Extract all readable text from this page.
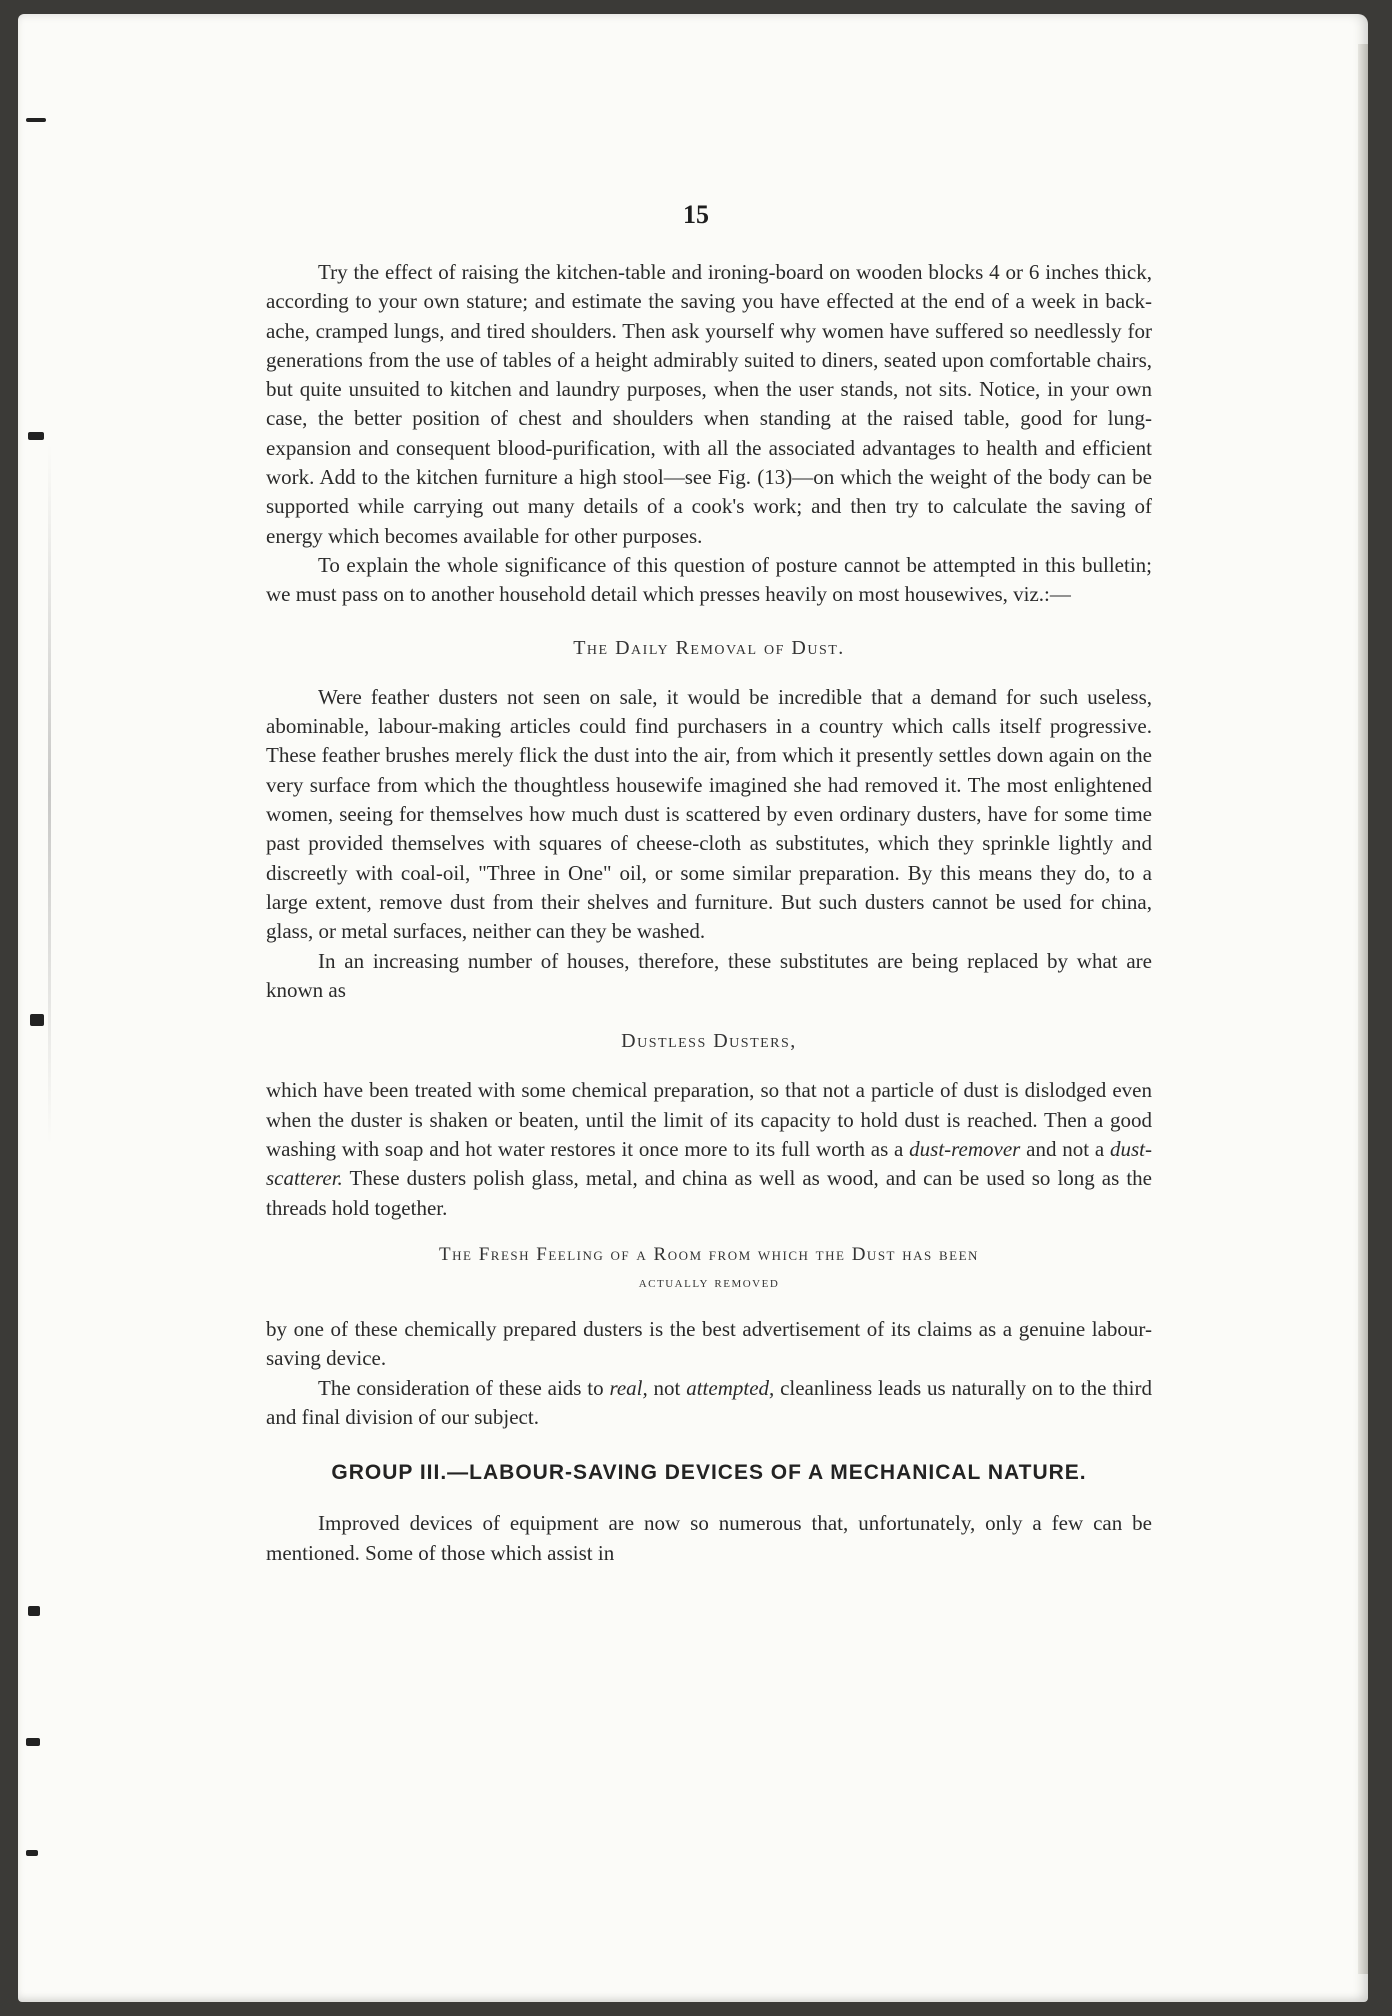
15

Try the effect of raising the kitchen-table and ironing-board on wooden blocks 4 or 6 inches thick, according to your own stature; and estimate the saving you have effected at the end of a week in back-ache, cramped lungs, and tired shoulders. Then ask yourself why women have suffered so needlessly for generations from the use of tables of a height admirably suited to diners, seated upon comfortable chairs, but quite unsuited to kitchen and laundry purposes, when the user stands, not sits. Notice, in your own case, the better position of chest and shoulders when standing at the raised table, good for lung-expansion and consequent blood-purification, with all the associated advantages to health and efficient work. Add to the kitchen furniture a high stool—see Fig. (13)—on which the weight of the body can be supported while carrying out many details of a cook's work; and then try to calculate the saving of energy which becomes available for other purposes.

To explain the whole significance of this question of posture cannot be attempted in this bulletin; we must pass on to another household detail which presses heavily on most housewives, viz.:—

The Daily Removal of Dust.

Were feather dusters not seen on sale, it would be incredible that a demand for such useless, abominable, labour-making articles could find purchasers in a country which calls itself progressive. These feather brushes merely flick the dust into the air, from which it presently settles down again on the very surface from which the thoughtless housewife imagined she had removed it. The most enlightened women, seeing for themselves how much dust is scattered by even ordinary dusters, have for some time past provided themselves with squares of cheese-cloth as substitutes, which they sprinkle lightly and discreetly with coal-oil, "Three in One" oil, or some similar preparation. By this means they do, to a large extent, remove dust from their shelves and furniture. But such dusters cannot be used for china, glass, or metal surfaces, neither can they be washed.

In an increasing number of houses, therefore, these substitutes are being replaced by what are known as

Dustless Dusters,

which have been treated with some chemical preparation, so that not a particle of dust is dislodged even when the duster is shaken or beaten, until the limit of its capacity to hold dust is reached. Then a good washing with soap and hot water restores it once more to its full worth as a dust-remover and not a dust-scatterer. These dusters polish glass, metal, and china as well as wood, and can be used so long as the threads hold together.

The Fresh Feeling of a Room from which the Dust has been
actually removed

by one of these chemically prepared dusters is the best advertisement of its claims as a genuine labour-saving device.

The consideration of these aids to real, not attempted, cleanliness leads us naturally on to the third and final division of our subject.

GROUP III.—LABOUR-SAVING DEVICES OF A MECHANICAL NATURE.

Improved devices of equipment are now so numerous that, unfortunately, only a few can be mentioned. Some of those which assist in
